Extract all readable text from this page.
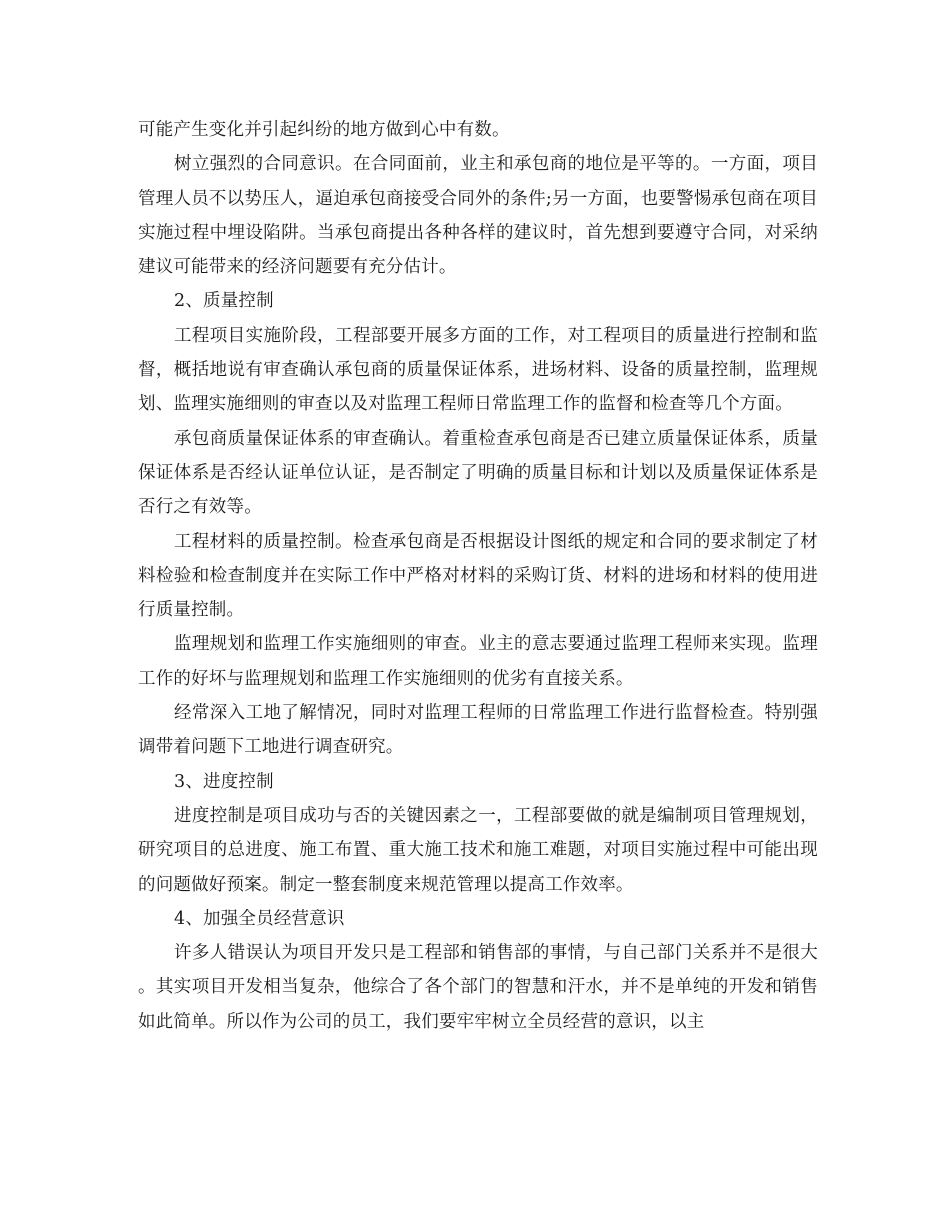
可能产生变化并引起纠纷的地方做到心中有数。

树立强烈的合同意识。在合同面前，业主和承包商的地位是平等的。一方面，项目管理人员不以势压人，逼迫承包商接受合同外的条件;另一方面，也要警惕承包商在项目实施过程中埋设陷阱。当承包商提出各种各样的建议时，首先想到要遵守合同，对采纳建议可能带来的经济问题要有充分估计。

2、质量控制

工程项目实施阶段，工程部要开展多方面的工作，对工程项目的质量进行控制和监督，概括地说有审查确认承包商的质量保证体系，进场材料、设备的质量控制，监理规划、监理实施细则的审查以及对监理工程师日常监理工作的监督和检查等几个方面。

承包商质量保证体系的审查确认。着重检查承包商是否已建立质量保证体系，质量保证体系是否经认证单位认证，是否制定了明确的质量目标和计划以及质量保证体系是否行之有效等。

工程材料的质量控制。检查承包商是否根据设计图纸的规定和合同的要求制定了材料检验和检查制度并在实际工作中严格对材料的采购订货、材料的进场和材料的使用进行质量控制。

监理规划和监理工作实施细则的审查。业主的意志要通过监理工程师来实现。监理工作的好坏与监理规划和监理工作实施细则的优劣有直接关系。

经常深入工地了解情况，同时对监理工程师的日常监理工作进行监督检查。特别强调带着问题下工地进行调查研究。

3、进度控制

进度控制是项目成功与否的关键因素之一，工程部要做的就是编制项目管理规划，研究项目的总进度、施工布置、重大施工技术和施工难题，对项目实施过程中可能出现的问题做好预案。制定一整套制度来规范管理以提高工作效率。

4、加强全员经营意识

许多人错误认为项目开发只是工程部和销售部的事情，与自己部门关系并不是很大。其实项目开发相当复杂，他综合了各个部门的智慧和汗水，并不是单纯的开发和销售如此简单。所以作为公司的员工，我们要牢牢树立全员经营的意识，以主
